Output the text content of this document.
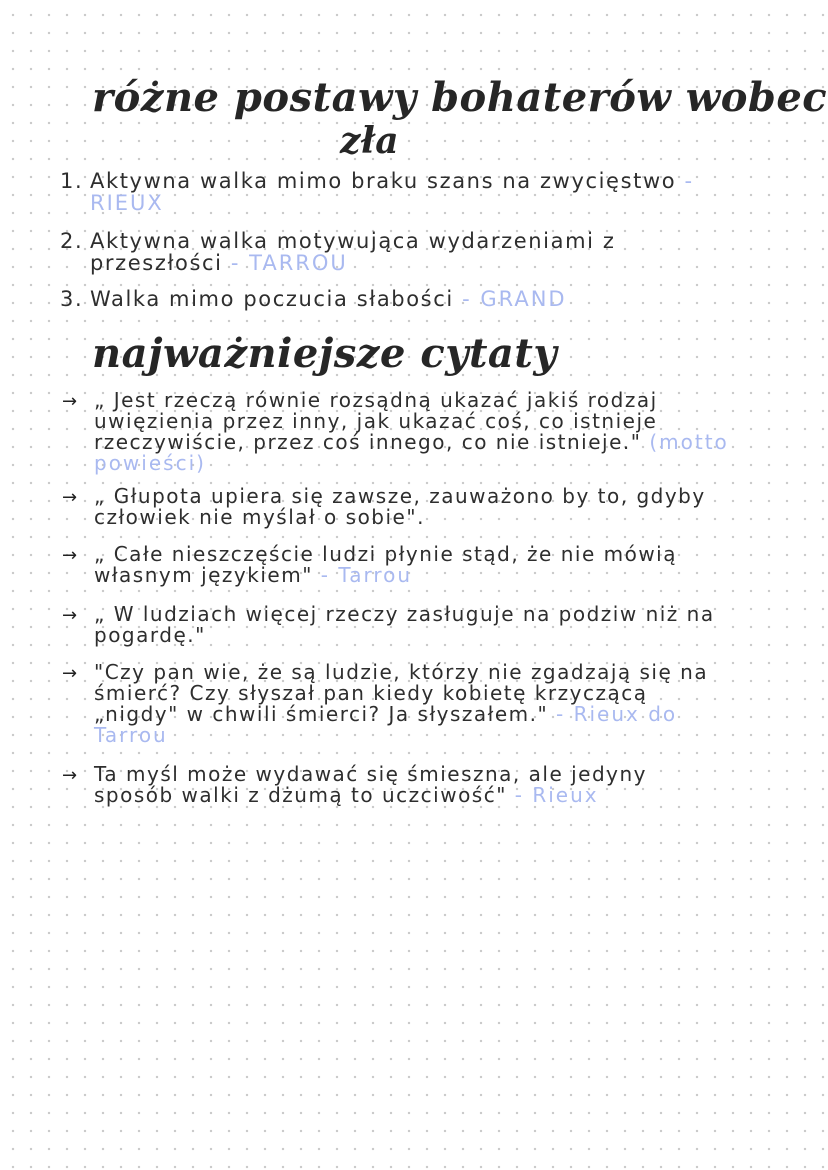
różne postawy bohaterów wobec
zła
1. Aktywna walka mimo braku szans na zwycięstwo - RIEUX
2. Aktywna walka motywująca wydarzeniami z przeszłości - TARROU
3. Walka mimo poczucia słabości - GRAND
najważniejsze cytaty
→ „ Jest rzeczą równie rozsądną ukazać jakiś rodzaj uwięzienia przez inny, jak ukazać coś, co istnieje rzeczywiście, przez coś innego, co nie istnieje." (motto powieści)
→ „ Głupota upiera się zawsze, zauważono by to, gdyby człowiek nie myślał o sobie".
→ „ Całe nieszczęście ludzi płynie stąd, że nie mówią własnym językiem" - Tarrou
→ „ W ludziach więcej rzeczy zasługuje na podziw niż na pogardę."
→ "Czy pan wie, że są ludzie, którzy nie zgadzają się na śmierć? Czy słyszał pan kiedy kobietę krzyczącą „nigdy" w chwili śmierci? Ja słyszałem." - Rieux do Tarrou
→ Ta myśl może wydawać się śmieszna, ale jedyny sposób walki z dżumą to uczciwość" - Rieux
